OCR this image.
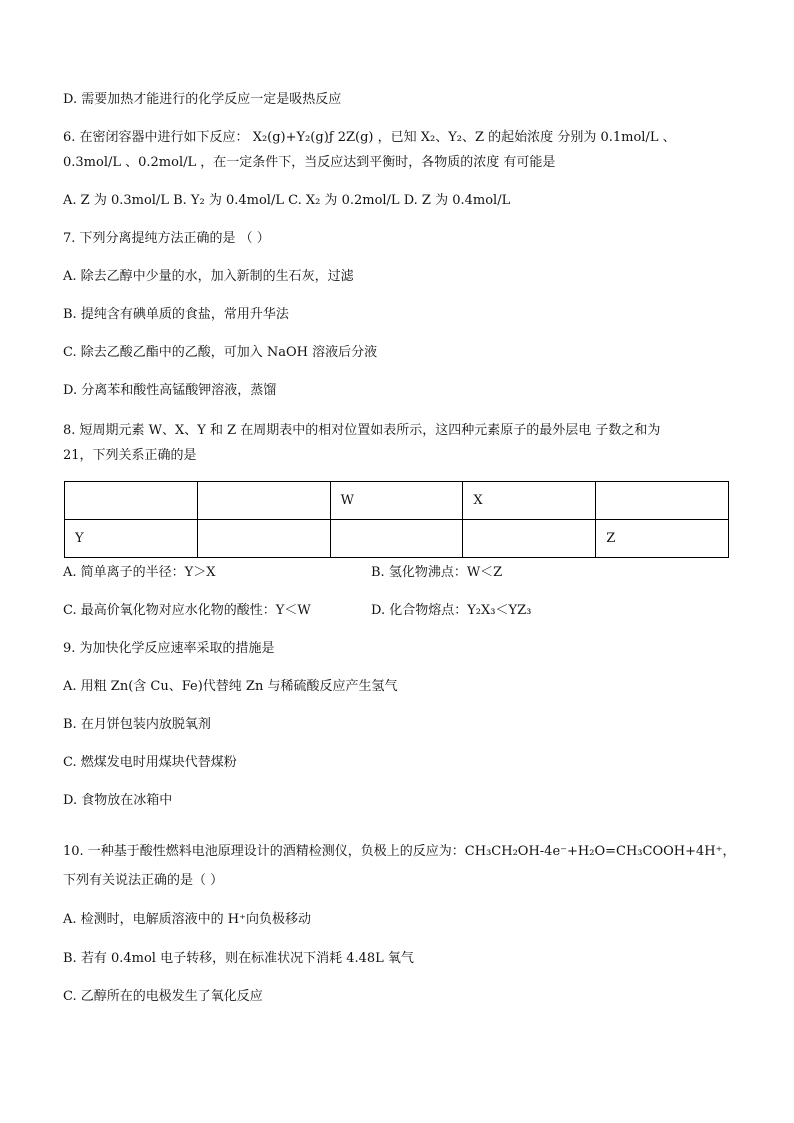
D. 需要加热才能进行的化学反应一定是吸热反应
6. 在密闭容器中进行如下反应： X₂(g)+Y₂(g)ƒ 2Z(g) ，已知 X₂、Y₂、Z 的起始浓度 分别为 0.1mol/L 、
0.3mol/L 、0.2mol/L ，在一定条件下，当反应达到平衡时，各物质的浓度 有可能是
A. Z 为 0.3mol/L B. Y₂ 为 0.4mol/L C. X₂ 为 0.2mol/L D. Z 为 0.4mol/L
7. 下列分离提纯方法正确的是 （ ）
A. 除去乙醇中少量的水，加入新制的生石灰，过滤
B. 提纯含有碘单质的食盐，常用升华法
C. 除去乙酸乙酯中的乙酸，可加入 NaOH 溶液后分液
D. 分离苯和酸性高锰酸钾溶液，蒸馏
8. 短周期元素 W、X、Y 和 Z 在周期表中的相对位置如表所示，这四种元素原子的最外层电 子数之和为
21，下列关系正确的是
		W	X	
Y				Z
A. 简单离子的半径：Y＞X	B. 氢化物沸点：W＜Z
C. 最高价氧化物对应水化物的酸性：Y＜W	D. 化合物熔点：Y₂X₃＜YZ₃
9. 为加快化学反应速率采取的措施是
A. 用粗 Zn(含 Cu、Fe)代替纯 Zn 与稀硫酸反应产生氢气
B. 在月饼包装内放脱氧剂
C. 燃煤发电时用煤块代替煤粉
D. 食物放在冰箱中
10. 一种基于酸性燃料电池原理设计的酒精检测仪，负极上的反应为：CH₃CH₂OH-4e⁻+H₂O=CH₃COOH+4H⁺，
下列有关说法正确的是（ ）
A. 检测时，电解质溶液中的 H⁺向负极移动
B. 若有 0.4mol 电子转移，则在标准状况下消耗 4.48L 氧气
C. 乙醇所在的电极发生了氧化反应
